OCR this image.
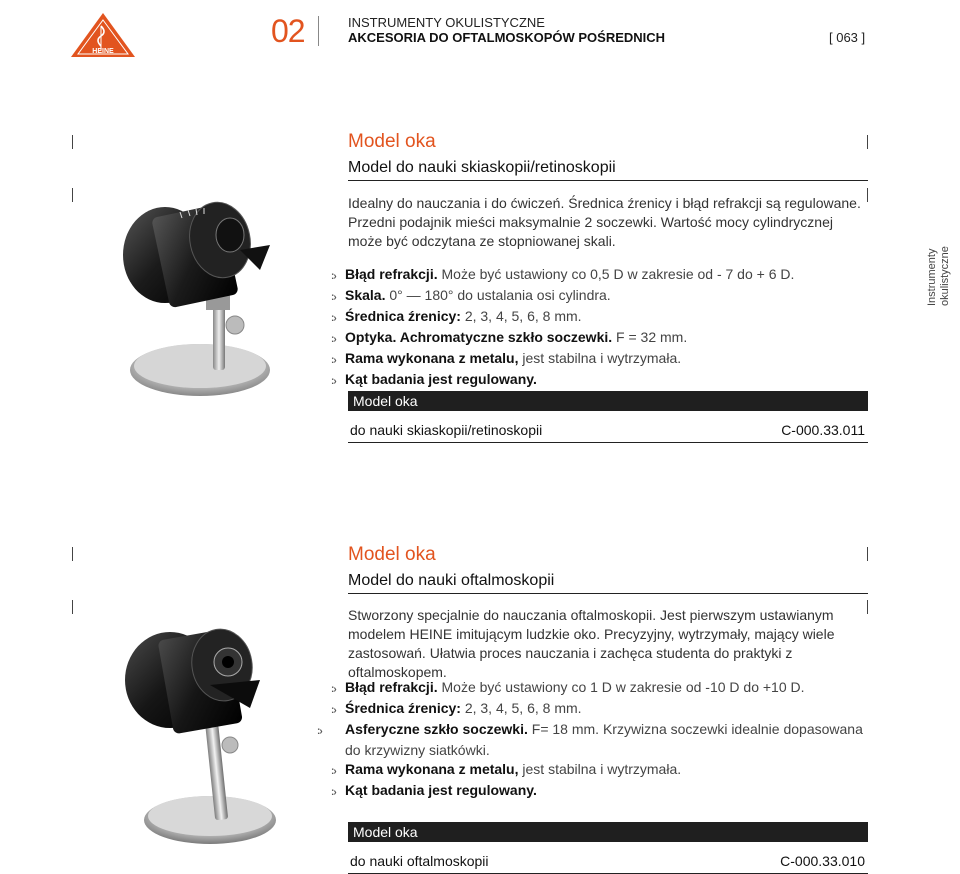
HEINE
02	INSTRUMENTY OKULISTYCZNE
AKCESORIA DO OFTALMOSKOPÓW POŚREDNICH	[ 063 ]
Instrumenty okulistyczne
Model oka
Model do nauki skiaskopii/retinoskopii
Idealny do nauczania i do ćwiczeń. Średnica źrenicy i błąd refrakcji są regulowane. Przedni podajnik mieści maksymalnie 2 soczewki. Wartość mocy cylindrycznej może być odczytana ze stopniowanej skali.
:› Błąd refrakcji. Może być ustawiony co 0,5 D w zakresie od - 7 do + 6 D.
:› Skala. 0° — 180° do ustalania osi cylindra.
:› Średnica źrenicy: 2, 3, 4, 5, 6, 8 mm.
:› Optyka. Achromatyczne szkło soczewki. F = 32 mm.
:› Rama wykonana z metalu, jest stabilna i wytrzymała.
:› Kąt badania jest regulowany.
Model oka
do nauki skiaskopii/retinoskopii	C-000.33.011
Model oka
Model do nauki oftalmoskopii
Stworzony specjalnie do nauczania oftalmoskopii. Jest pierwszym ustawianym modelem HEINE imitującym ludzkie oko. Precyzyjny, wytrzymały, mający wiele zastosowań. Ułatwia proces nauczania i zachęca studenta do praktyki z oftalmoskopem.
:› Błąd refrakcji. Może być ustawiony co 1 D w zakresie od -10 D do +10 D.
:› Średnica źrenicy: 2, 3, 4, 5, 6, 8 mm.
:› Asferyczne szkło soczewki. F= 18 mm. Krzywizna soczewki idealnie dopasowana do krzywizny siatkówki.
:› Rama wykonana z metalu, jest stabilna i wytrzymała.
:› Kąt badania jest regulowany.
Model oka
do nauki oftalmoskopii	C-000.33.010
